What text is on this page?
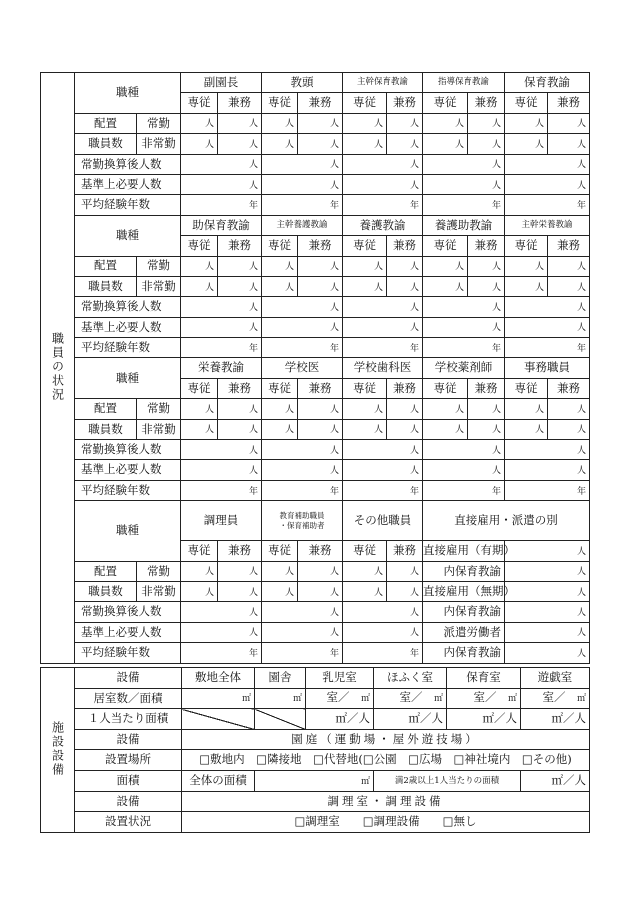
職員の状況	職種		副園長		教頭		主幹保育教諭		指導保育教諭		保育教諭	
			専従	兼務	専従	兼務	専従	兼務	専従	兼務	専従	兼務
	配置	常勤	人	人	人	人	人	人	人	人	人	人
	職員数	非常勤	人	人	人	人	人	人	人	人	人	人
	常勤換算後人数		人		人		人		人		人	
	基準上必要人数		人		人		人		人		人	
	平均経験年数		年		年		年		年		年	
	職種		助保育教諭		主幹養護教諭		養護教諭		養護助教諭		主幹栄養教諭	
			専従	兼務	専従	兼務	専従	兼務	専従	兼務	専従	兼務
	配置	常勤	人	人	人	人	人	人	人	人	人	人
	職員数	非常勤	人	人	人	人	人	人	人	人	人	人
	常勤換算後人数		人		人		人		人		人	
	基準上必要人数		人		人		人		人		人	
	平均経験年数		年		年		年		年		年	
	職種		栄養教諭		学校医		学校歯科医		学校薬剤師		事務職員	
			専従	兼務	専従	兼務	専従	兼務	専従	兼務	専従	兼務
	配置	常勤	人	人	人	人	人	人	人	人	人	人
	職員数	非常勤	人	人	人	人	人	人	人	人	人	人
	常勤換算後人数		人		人		人		人		人	
	基準上必要人数		人		人		人		人		人	
	平均経験年数		年		年		年		年		年	
	職種		調理員		教育補助職員
・保育補助者		その他職員		直接雇用・派遣の別			
			専従	兼務	専従	兼務	専従	兼務	直接雇用（有期）		人	
	配置	常勤	人	人	人	人	人	人	内保育教諭		人	
	職員数	非常勤	人	人	人	人	人	人	直接雇用（無期）		人	
	常勤換算後人数		人		人		人		内保育教諭		人	
	基準上必要人数		人		人		人		派遣労働者		人	
	平均経験年数		年		年		年		内保育教諭		人	
施設設備	設備	敷地全体	園舎	乳児室	ほふく室	保育室	遊戯室
	居室数／面積	㎡	㎡	室／　 ㎡	室／　 ㎡	室／　 ㎡	室／　 ㎡
	１人当たり面積			㎡／人	㎡／人	㎡／人	㎡／人
	設備	園庭（運動場・屋外遊技場）					
	設置場所	□敷地内　□隣接地　□代替地(□公園　□広場　□神社境内　□その他)					
	面積	全体の面積	㎡		満2歳以上1人当たりの面積		㎡／人
	設備	調理室・調理設備					
	設置状況	□調理室　　□調理設備　　□無し					
